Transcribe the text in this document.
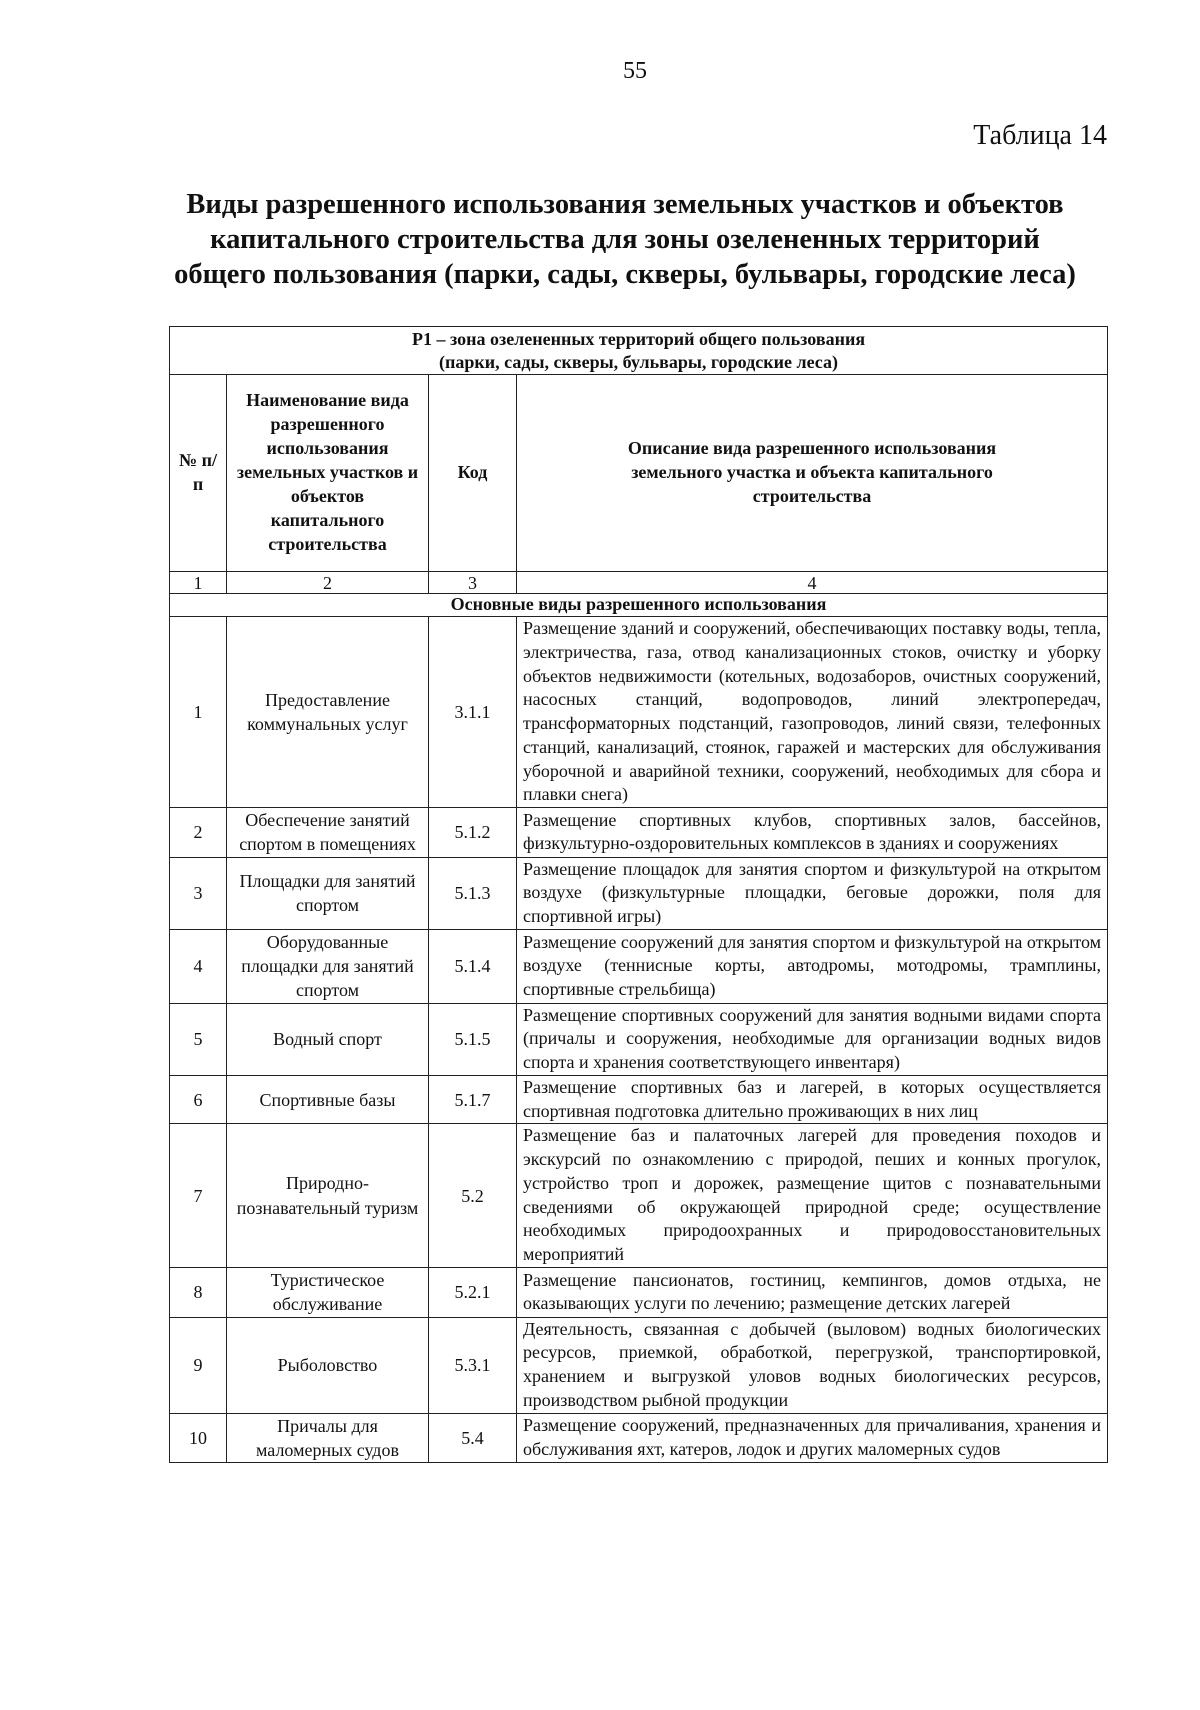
55
Таблица 14
Виды разрешенного использования земельных участков и объектов
капитального строительства для зоны озелененных территорий
общего пользования (парки, сады, скверы, бульвары, городские леса)
Р1 – зона озелененных территорий общего пользования
(парки, сады, скверы, бульвары, городские леса)			

№ п/п	Наименование вида разрешенного использования земельных участков и объектов капитального строительства	Код	Описание вида разрешенного использования земельного участка и объекта капитального строительства
1	2	3	4
Основные виды разрешенного использования			
1	Предоставление коммунальных услуг	3.1.1	Размещение зданий и сооружений, обеспечивающих поставку воды, тепла, электричества, газа, отвод канализационных стоков, очистку и уборку объектов недвижимости (котельных, водозаборов, очистных сооружений, насосных станций, водопроводов, линий электропередач, трансформаторных подстанций, газопроводов, линий связи, телефонных станций, канализаций, стоянок, гаражей и мастерских для обслуживания уборочной и аварийной техники, сооружений, необходимых для сбора и плавки снега)
2	Обеспечение занятий спортом в помещениях	5.1.2	Размещение спортивных клубов, спортивных залов, бассейнов, физкультурно-оздоровительных комплексов в зданиях и сооружениях
3	Площадки для занятий спортом	5.1.3	Размещение площадок для занятия спортом и физкультурой на открытом воздухе (физкультурные площадки, беговые дорожки, поля для спортивной игры)
4	Оборудованные площадки для занятий спортом	5.1.4	Размещение сооружений для занятия спортом и физкультурой на открытом воздухе (теннисные корты, автодромы, мотодромы, трамплины, спортивные стрельбища)
5	Водный спорт	5.1.5	Размещение спортивных сооружений для занятия водными видами спорта (причалы и сооружения, необходимые для организации водных видов спорта и хранения соответствующего инвентаря)
6	Спортивные базы	5.1.7	Размещение спортивных баз и лагерей, в которых осуществляется спортивная подготовка длительно проживающих в них лиц
7	Природно-познавательный туризм	5.2	Размещение баз и палаточных лагерей для проведения походов и экскурсий по ознакомлению с природой, пеших и конных прогулок, устройство троп и дорожек, размещение щитов с познавательными сведениями об окружающей природной среде; осуществление необходимых природоохранных и природовосстановительных мероприятий
8	Туристическое обслуживание	5.2.1	Размещение пансионатов, гостиниц, кемпингов, домов отдыха, не оказывающих услуги по лечению; размещение детских лагерей
9	Рыболовство	5.3.1	Деятельность, связанная с добычей (выловом) водных биологических ресурсов, приемкой, обработкой, перегрузкой, транспортировкой, хранением и выгрузкой уловов водных биологических ресурсов, производством рыбной продукции
10	Причалы для маломерных судов	5.4	Размещение сооружений, предназначенных для причаливания, хранения и обслуживания яхт, катеров, лодок и других маломерных судов
